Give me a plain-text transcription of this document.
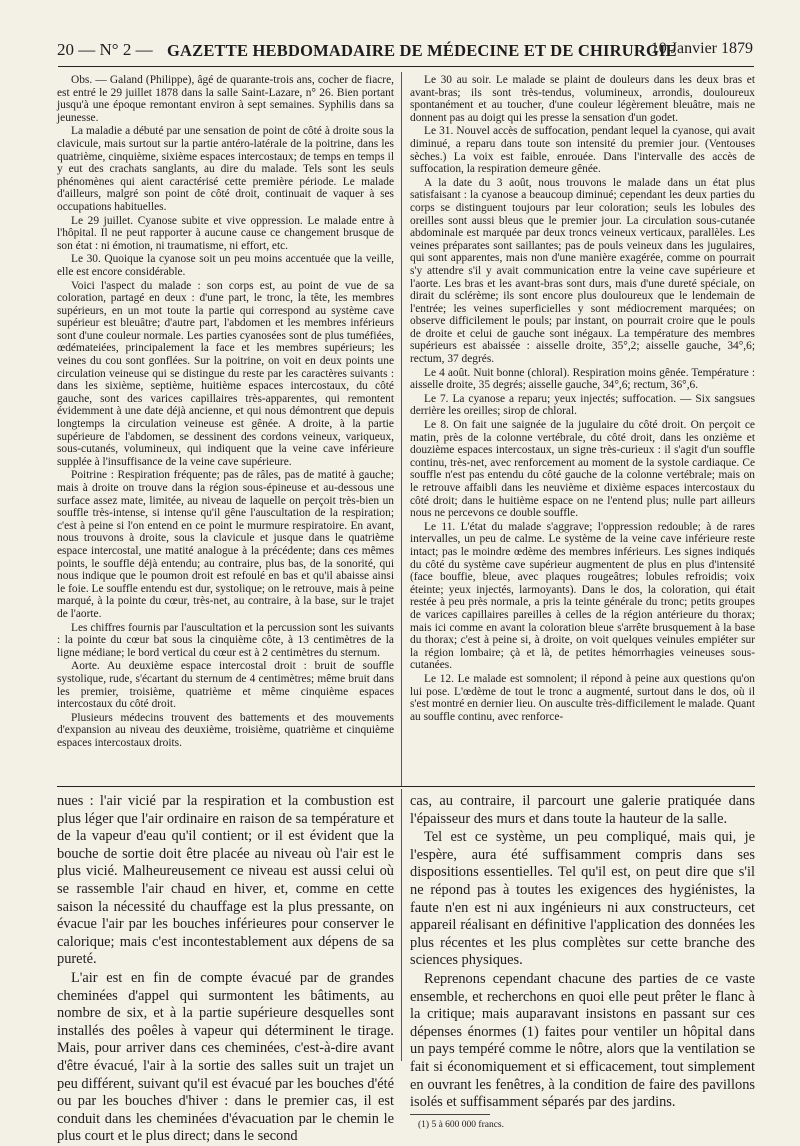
20 — N° 2 — GAZETTE HEBDOMADAIRE DE MÉDECINE ET DE CHIRURGIE
10 Janvier 1879

Obs. — Galand (Philippe), âgé de quarante-trois ans, cocher de fiacre, est entré le 29 juillet 1878 dans la salle Saint-Lazare, n° 26. Bien portant jusqu'à une époque remontant environ à sept semaines. Syphilis dans sa jeunesse.

La maladie a débuté par une sensation de point de côté à droite sous la clavicule, mais surtout sur la partie antéro-latérale de la poitrine, dans les quatrième, cinquième, sixième espaces intercostaux; de temps en temps il y eut des crachats sanglants, au dire du malade. Tels sont les seuls phénomènes qui aient caractérisé cette première période. Le malade d'ailleurs, malgré son point de côté droit, continuait de vaquer à ses occupations habituelles.

Le 29 juillet. Cyanose subite et vive oppression. Le malade entre à l'hôpital. Il ne peut rapporter à aucune cause ce changement brusque de son état : ni émotion, ni traumatisme, ni effort, etc.

Le 30. Quoique la cyanose soit un peu moins accentuée que la veille, elle est encore considérable.

Voici l'aspect du malade : son corps est, au point de vue de sa coloration, partagé en deux : d'une part, le tronc, la tête, les membres supérieurs, en un mot toute la partie qui correspond au système cave supérieur est bleuâtre; d'autre part, l'abdomen et les membres inférieurs sont d'une couleur normale. Les parties cyanosées sont de plus tuméfiées, œdémateiées, principalement la face et les membres supérieurs; les veines du cou sont gonflées. Sur la poitrine, on voit en deux points une circulation veineuse qui se distingue du reste par les caractères suivants : dans les sixième, septième, huitième espaces intercostaux, du côté gauche, sont des varices capillaires très-apparentes, qui remontent évidemment à une date déjà ancienne, et qui nous démontrent que depuis longtemps la circulation veineuse est gênée. A droite, à la partie supérieure de l'abdomen, se dessinent des cordons veineux, variqueux, sous-cutanés, volumineux, qui indiquent que la veine cave inférieure supplée à l'insuffisance de la veine cave supérieure.

Poitrine : Respiration fréquente; pas de râles, pas de matité à gauche; mais à droite on trouve dans la région sous-épineuse et au-dessous une surface assez mate, limitée, au niveau de laquelle on perçoit très-bien un souffle très-intense, si intense qu'il gêne l'auscultation de la respiration; c'est à peine si l'on entend en ce point le murmure respiratoire. En avant, nous trouvons à droite, sous la clavicule et jusque dans le quatrième espace intercostal, une matité analogue à la précédente; dans ces mêmes points, le souffle déjà entendu; au contraire, plus bas, de la sonorité, qui nous indique que le poumon droit est refoulé en bas et qu'il abaisse ainsi le foie. Le souffle entendu est dur, systolique; on le retrouve, mais à peine marqué, à la pointe du cœur, très-net, au contraire, à la base, sur le trajet de l'aorte.

Les chiffres fournis par l'auscultation et la percussion sont les suivants : la pointe du cœur bat sous la cinquième côte, à 13 centimètres de la ligne médiane; le bord vertical du cœur est à 2 centimètres du sternum.

Aorte. Au deuxième espace intercostal droit : bruit de souffle systolique, rude, s'écartant du sternum de 4 centimètres; même bruit dans les premier, troisième, quatrième et même cinquième espaces intercostaux du côté droit.

Plusieurs médecins trouvent des battements et des mouvements d'expansion au niveau des deuxième, troisième, quatrième et cinquième espaces intercostaux droits.

Le 30 au soir. Le malade se plaint de douleurs dans les deux bras et avant-bras; ils sont très-tendus, volumineux, arrondis, douloureux spontanément et au toucher, d'une couleur légèrement bleuâtre, mais ne donnent pas au doigt qui les presse la sensation d'un godet.

Le 31. Nouvel accès de suffocation, pendant lequel la cyanose, qui avait diminué, a reparu dans toute son intensité du premier jour. (Ventouses sèches.) La voix est faible, enrouée. Dans l'intervalle des accès de suffocation, la respiration demeure gênée.

A la date du 3 août, nous trouvons le malade dans un état plus satisfaisant : la cyanose a beaucoup diminué; cependant les deux parties du corps se distinguent toujours par leur coloration; seuls les lobules des oreilles sont aussi bleus que le premier jour. La circulation sous-cutanée abdominale est marquée par deux troncs veineux verticaux, parallèles. Les veines préparates sont saillantes; pas de pouls veineux dans les jugulaires, qui sont apparentes, mais non d'une manière exagérée, comme on pourrait s'y attendre s'il y avait communication entre la veine cave supérieure et l'aorte. Les bras et les avant-bras sont durs, mais d'une dureté spéciale, on dirait du sclérème; ils sont encore plus douloureux que le lendemain de l'entrée; les veines superficielles y sont médiocrement marquées; on observe difficilement le pouls; par instant, on pourrait croire que le pouls de droite et celui de gauche sont inégaux. La température des membres supérieurs est abaissée : aisselle droite, 35°,2; aisselle gauche, 34°,6; rectum, 37 degrés.

Le 4 août. Nuit bonne (chloral). Respiration moins gênée. Température : aisselle droite, 35 degrés; aisselle gauche, 34°,6; rectum, 36°,6.

Le 7. La cyanose a reparu; yeux injectés; suffocation. — Six sangsues derrière les oreilles; sirop de chloral.

Le 8. On fait une saignée de la jugulaire du côté droit. On perçoit ce matin, près de la colonne vertébrale, du côté droit, dans les onzième et douzième espaces intercostaux, un signe très-curieux : il s'agit d'un souffle continu, très-net, avec renforcement au moment de la systole cardiaque. Ce souffle n'est pas entendu du côté gauche de la colonne vertébrale; mais on le retrouve affaibli dans les neuvième et dixième espaces intercostaux du côté droit; dans le huitième espace on ne l'entend plus; nulle part ailleurs nous ne percevons ce double souffle.

Le 11. L'état du malade s'aggrave; l'oppression redouble; à de rares intervalles, un peu de calme. Le système de la veine cave inférieure reste intact; pas le moindre œdème des membres inférieurs. Les signes indiqués du côté du système cave supérieur augmentent de plus en plus d'intensité (face bouffie, bleue, avec plaques rougeâtres; lobules refroidis; voix éteinte; yeux injectés, larmoyants). Dans le dos, la coloration, qui était restée à peu près normale, a pris la teinte générale du tronc; petits groupes de varices capillaires pareilles à celles de la région antérieure du thorax; mais ici comme en avant la coloration bleue s'arrête brusquement à la base du thorax; c'est à peine si, à droite, on voit quelques veinules empiéter sur la région lombaire; çà et là, de petites hémorrhagies veineuses sous-cutanées.

Le 12. Le malade est somnolent; il répond à peine aux questions qu'on lui pose. L'œdème de tout le tronc a augmenté, surtout dans le dos, où il s'est montré en dernier lieu. On ausculte très-difficilement le malade. Quant au souffle continu, avec renforce-

nues : l'air vicié par la respiration et la combustion est plus léger que l'air ordinaire en raison de sa température et de la vapeur d'eau qu'il contient; or il est évident que la bouche de sortie doit être placée au niveau où l'air est le plus vicié. Malheureusement ce niveau est aussi celui où se rassemble l'air chaud en hiver, et, comme en cette saison la nécessité du chauffage est la plus pressante, on évacue l'air par les bouches inférieures pour conserver le calorique; mais c'est incontestablement aux dépens de sa pureté.

L'air est en fin de compte évacué par de grandes cheminées d'appel qui surmontent les bâtiments, au nombre de six, et à la partie supérieure desquelles sont installés des poêles à vapeur qui déterminent le tirage. Mais, pour arriver dans ces cheminées, c'est-à-dire avant d'être évacué, l'air à la sortie des salles suit un trajet un peu différent, suivant qu'il est évacué par les bouches d'été ou par les bouches d'hiver : dans le premier cas, il est conduit dans les cheminées d'évacuation par le chemin le plus court et le plus direct; dans le second

cas, au contraire, il parcourt une galerie pratiquée dans l'épaisseur des murs et dans toute la hauteur de la salle.

Tel est ce système, un peu compliqué, mais qui, je l'espère, aura été suffisamment compris dans ses dispositions essentielles. Tel qu'il est, on peut dire que s'il ne répond pas à toutes les exigences des hygiénistes, la faute n'en est ni aux ingénieurs ni aux constructeurs, cet appareil réalisant en définitive l'application des données les plus récentes et les plus complètes sur cette branche des sciences physiques.

Reprenons cependant chacune des parties de ce vaste ensemble, et recherchons en quoi elle peut prêter le flanc à la critique; mais auparavant insistons en passant sur ces dépenses énormes (1) faites pour ventiler un hôpital dans un pays tempéré comme le nôtre, alors que la ventilation se fait si économiquement et si efficacement, tout simplement en ouvrant les fenêtres, à la condition de faire des pavillons isolés et suffisamment séparés par des jardins.

(1) 5 à 600 000 francs.
